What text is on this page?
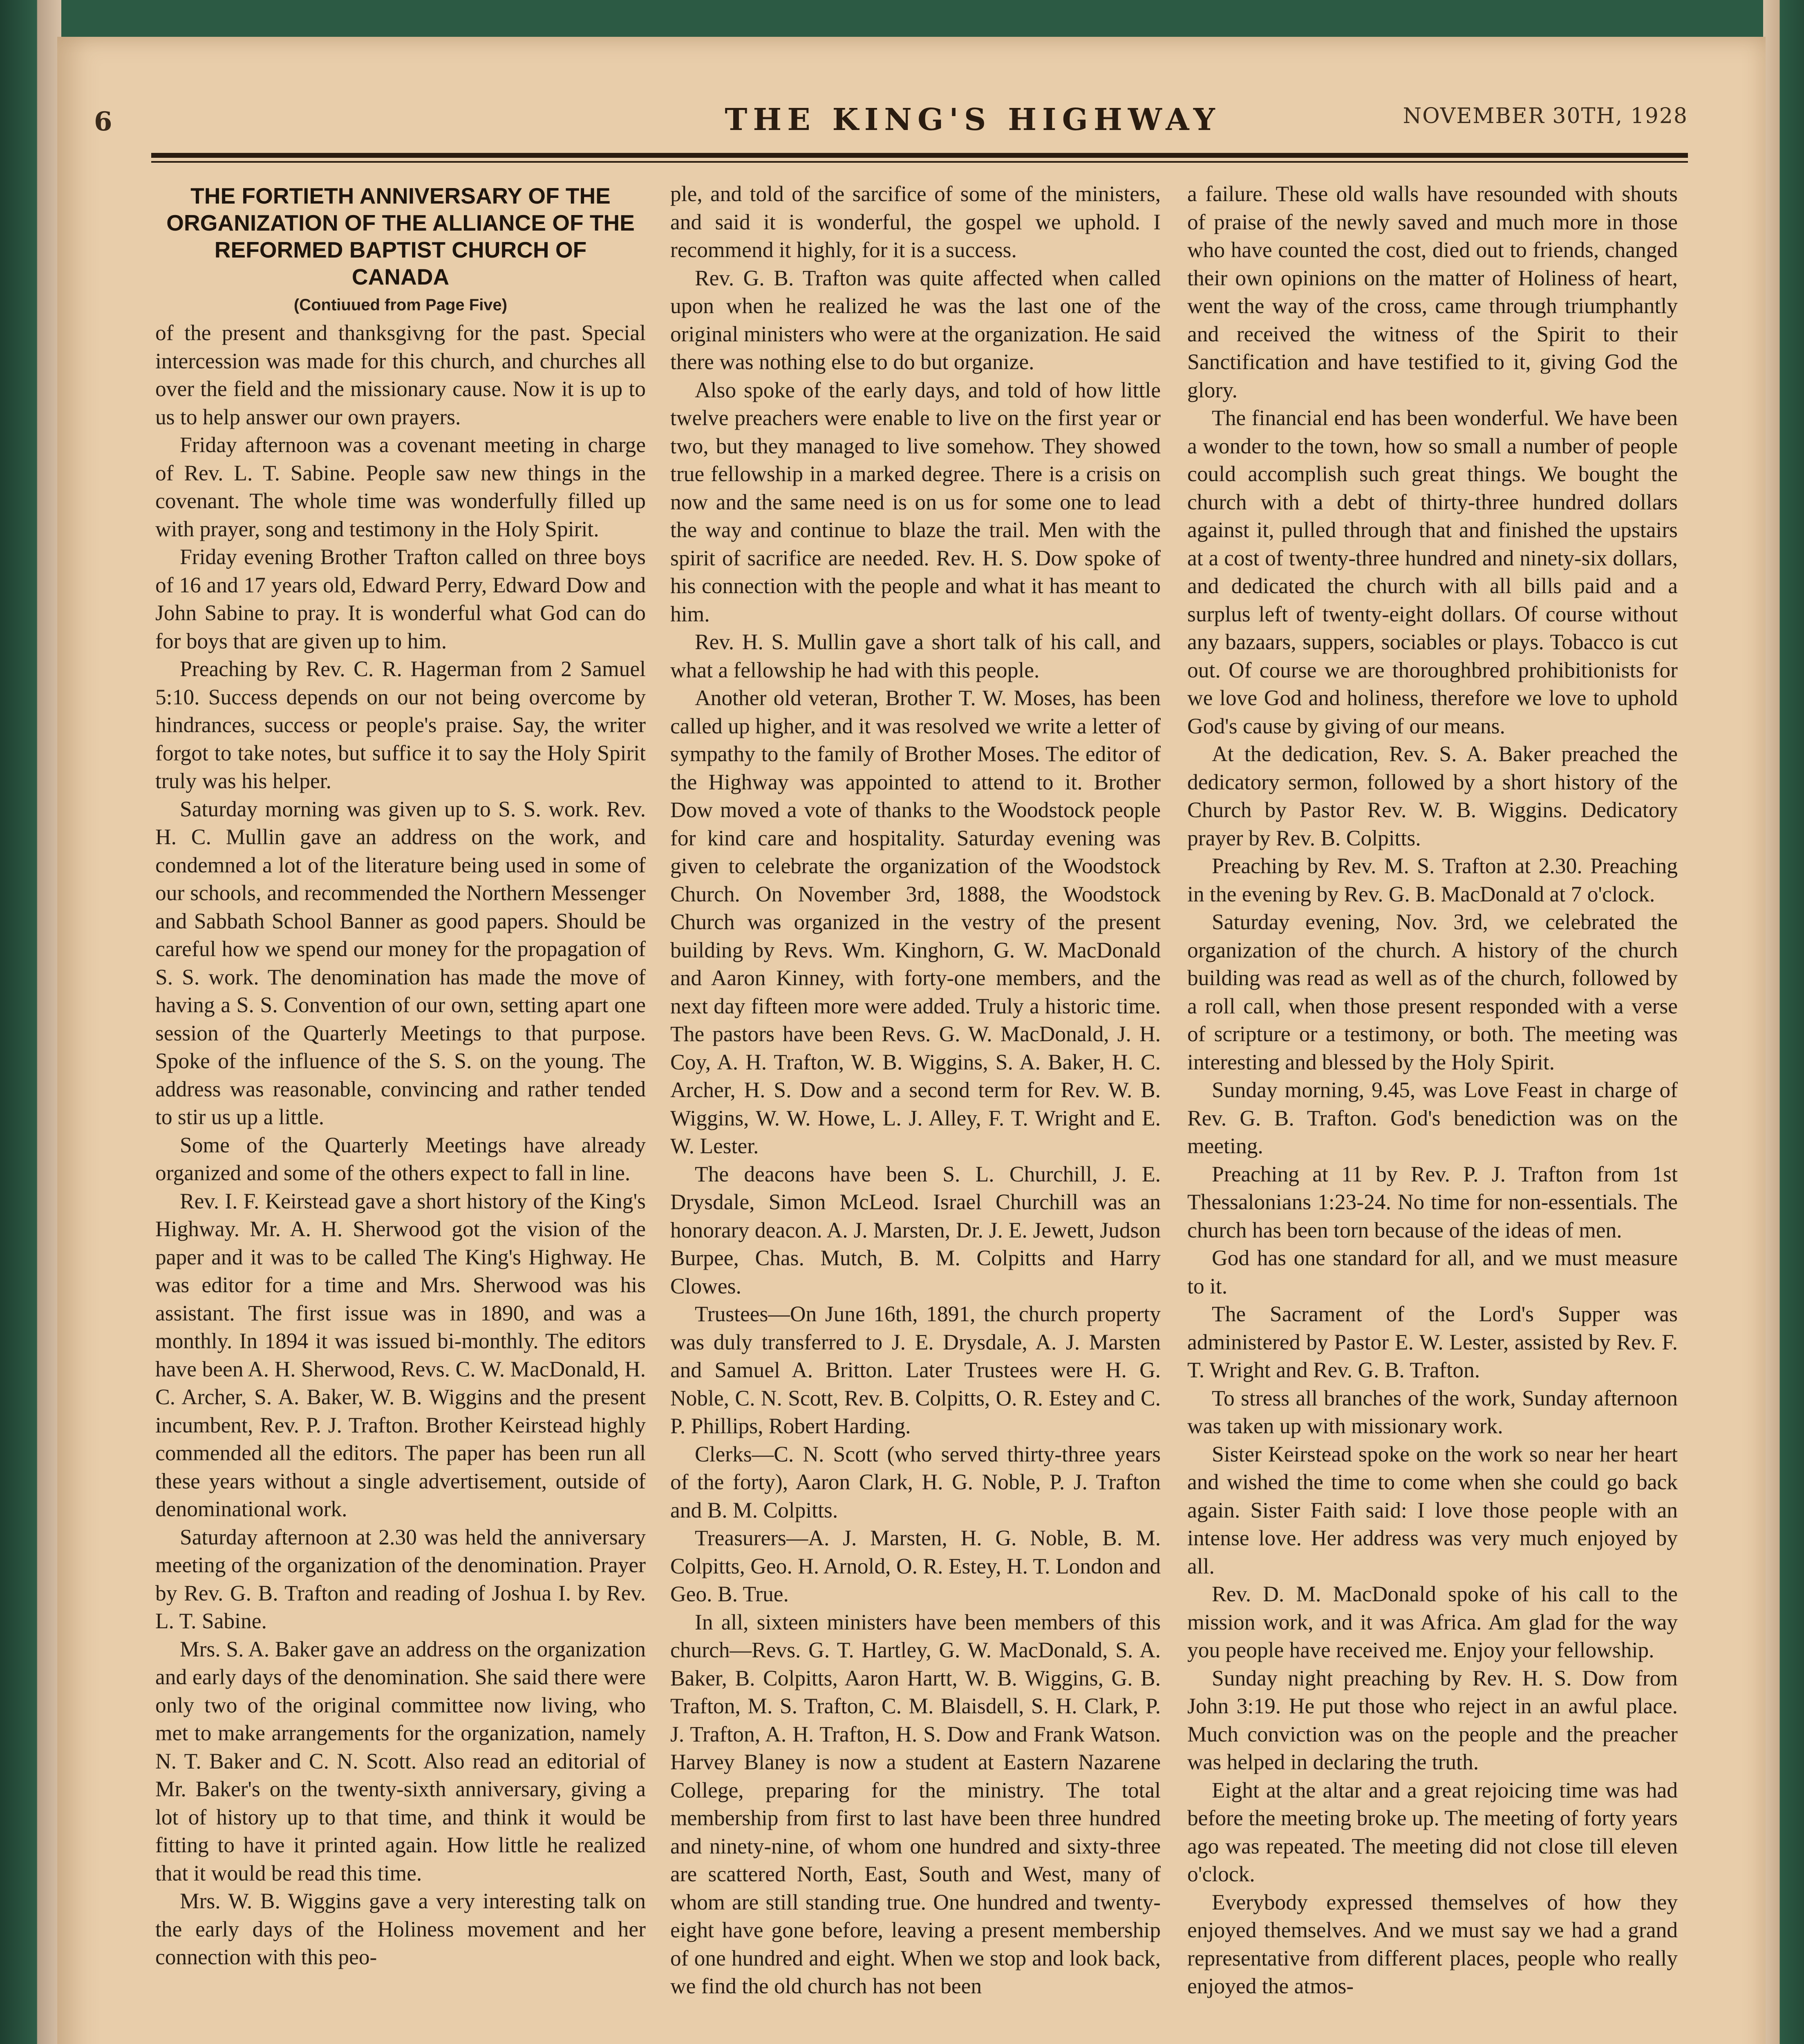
6	THE KING'S HIGHWAY	NOVEMBER 30TH, 1928
THE FORTIETH ANNIVERSARY OF THE ORGANIZATION OF THE ALLIANCE OF THE REFORMED BAPTIST CHURCH OF CANADA
(Contiuued from Page Five)

of the present and thanksgivng for the past. Special intercession was made for this church, and churches all over the field and the missionary cause. Now it is up to us to help answer our own prayers.

Friday afternoon was a covenant meeting in charge of Rev. L. T. Sabine. People saw new things in the covenant. The whole time was wonderfully filled up with prayer, song and testimony in the Holy Spirit.

Friday evening Brother Trafton called on three boys of 16 and 17 years old, Edward Perry, Edward Dow and John Sabine to pray. It is wonderful what God can do for boys that are given up to him.

Preaching by Rev. C. R. Hagerman from 2 Samuel 5:10. Success depends on our not being overcome by hindrances, success or people's praise. Say, the writer forgot to take notes, but suffice it to say the Holy Spirit truly was his helper.

Saturday morning was given up to S. S. work. Rev. H. C. Mullin gave an address on the work, and condemned a lot of the literature being used in some of our schools, and recommended the Northern Messenger and Sabbath School Banner as good papers. Should be careful how we spend our money for the propagation of S. S. work. The denomination has made the move of having a S. S. Convention of our own, setting apart one session of the Quarterly Meetings to that purpose. Spoke of the influence of the S. S. on the young. The address was reasonable, convincing and rather tended to stir us up a little.

Some of the Quarterly Meetings have already organized and some of the others expect to fall in line.

Rev. I. F. Keirstead gave a short history of the King's Highway. Mr. A. H. Sherwood got the vision of the paper and it was to be called The King's Highway. He was editor for a time and Mrs. Sherwood was his assistant. The first issue was in 1890, and was a monthly. In 1894 it was issued bi-monthly. The editors have been A. H. Sherwood, Revs. C. W. MacDonald, H. C. Archer, S. A. Baker, W. B. Wiggins and the present incumbent, Rev. P. J. Trafton. Brother Keirstead highly commended all the editors. The paper has been run all these years without a single advertisement, outside of denominational work.

Saturday afternoon at 2.30 was held the anniversary meeting of the organization of the denomination. Prayer by Rev. G. B. Trafton and reading of Joshua I. by Rev. L. T. Sabine.

Mrs. S. A. Baker gave an address on the organization and early days of the denomination. She said there were only two of the original committee now living, who met to make arrangements for the organization, namely N. T. Baker and C. N. Scott. Also read an editorial of Mr. Baker's on the twenty-sixth anniversary, giving a lot of history up to that time, and think it would be fitting to have it printed again. How little he realized that it would be read this time.

Mrs. W. B. Wiggins gave a very interesting talk on the early days of the Holiness movement and her connection with this peo-

ple, and told of the sarcifice of some of the ministers, and said it is wonderful, the gospel we uphold. I recommend it highly, for it is a success.

Rev. G. B. Trafton was quite affected when called upon when he realized he was the last one of the original ministers who were at the organization. He said there was nothing else to do but organize.

Also spoke of the early days, and told of how little twelve preachers were enable to live on the first year or two, but they managed to live somehow. They showed true fellowship in a marked degree. There is a crisis on now and the same need is on us for some one to lead the way and continue to blaze the trail. Men with the spirit of sacrifice are needed. Rev. H. S. Dow spoke of his connection with the people and what it has meant to him.

Rev. H. S. Mullin gave a short talk of his call, and what a fellowship he had with this people.

Another old veteran, Brother T. W. Moses, has been called up higher, and it was resolved we write a letter of sympathy to the family of Brother Moses. The editor of the Highway was appointed to attend to it. Brother Dow moved a vote of thanks to the Woodstock people for kind care and hospitality. Saturday evening was given to celebrate the organization of the Woodstock Church. On November 3rd, 1888, the Woodstock Church was organized in the vestry of the present building by Revs. Wm. Kinghorn, G. W. MacDonald and Aaron Kinney, with forty-one members, and the next day fifteen more were added. Truly a historic time. The pastors have been Revs. G. W. MacDonald, J. H. Coy, A. H. Trafton, W. B. Wiggins, S. A. Baker, H. C. Archer, H. S. Dow and a second term for Rev. W. B. Wiggins, W. W. Howe, L. J. Alley, F. T. Wright and E. W. Lester.

The deacons have been S. L. Churchill, J. E. Drysdale, Simon McLeod. Israel Churchill was an honorary deacon. A. J. Marsten, Dr. J. E. Jewett, Judson Burpee, Chas. Mutch, B. M. Colpitts and Harry Clowes.

Trustees—On June 16th, 1891, the church property was duly transferred to J. E. Drysdale, A. J. Marsten and Samuel A. Britton. Later Trustees were H. G. Noble, C. N. Scott, Rev. B. Colpitts, O. R. Estey and C. P. Phillips, Robert Harding.

Clerks—C. N. Scott (who served thirty-three years of the forty), Aaron Clark, H. G. Noble, P. J. Trafton and B. M. Colpitts.

Treasurers—A. J. Marsten, H. G. Noble, B. M. Colpitts, Geo. H. Arnold, O. R. Estey, H. T. London and Geo. B. True.

In all, sixteen ministers have been members of this church—Revs. G. T. Hartley, G. W. MacDonald, S. A. Baker, B. Colpitts, Aaron Hartt, W. B. Wiggins, G. B. Trafton, M. S. Trafton, C. M. Blaisdell, S. H. Clark, P. J. Trafton, A. H. Trafton, H. S. Dow and Frank Watson. Harvey Blaney is now a student at Eastern Nazarene College, preparing for the ministry. The total membership from first to last have been three hundred and ninety-nine, of whom one hundred and sixty-three are scattered North, East, South and West, many of whom are still standing true. One hundred and twenty-eight have gone before, leaving a present membership of one hundred and eight. When we stop and look back, we find the old church has not been

a failure. These old walls have resounded with shouts of praise of the newly saved and much more in those who have counted the cost, died out to friends, changed their own opinions on the matter of Holiness of heart, went the way of the cross, came through triumphantly and received the witness of the Spirit to their Sanctification and have testified to it, giving God the glory.

The financial end has been wonderful. We have been a wonder to the town, how so small a number of people could accomplish such great things. We bought the church with a debt of thirty-three hundred dollars against it, pulled through that and finished the upstairs at a cost of twenty-three hundred and ninety-six dollars, and dedicated the church with all bills paid and a surplus left of twenty-eight dollars. Of course without any bazaars, suppers, sociables or plays. Tobacco is cut out. Of course we are thoroughbred prohibitionists for we love God and holiness, therefore we love to uphold God's cause by giving of our means.

At the dedication, Rev. S. A. Baker preached the dedicatory sermon, followed by a short history of the Church by Pastor Rev. W. B. Wiggins. Dedicatory prayer by Rev. B. Colpitts.

Preaching by Rev. M. S. Trafton at 2.30. Preaching in the evening by Rev. G. B. MacDonald at 7 o'clock.

Saturday evening, Nov. 3rd, we celebrated the organization of the church. A history of the church building was read as well as of the church, followed by a roll call, when those present responded with a verse of scripture or a testimony, or both. The meeting was interesting and blessed by the Holy Spirit.

Sunday morning, 9.45, was Love Feast in charge of Rev. G. B. Trafton. God's benediction was on the meeting.

Preaching at 11 by Rev. P. J. Trafton from 1st Thessalonians 1:23-24. No time for non-essentials. The church has been torn because of the ideas of men.

God has one standard for all, and we must measure to it.

The Sacrament of the Lord's Supper was administered by Pastor E. W. Lester, assisted by Rev. F. T. Wright and Rev. G. B. Trafton.

To stress all branches of the work, Sunday afternoon was taken up with missionary work.

Sister Keirstead spoke on the work so near her heart and wished the time to come when she could go back again. Sister Faith said: I love those people with an intense love. Her address was very much enjoyed by all.

Rev. D. M. MacDonald spoke of his call to the mission work, and it was Africa. Am glad for the way you people have received me. Enjoy your fellowship.

Sunday night preaching by Rev. H. S. Dow from John 3:19. He put those who reject in an awful place. Much conviction was on the people and the preacher was helped in declaring the truth.

Eight at the altar and a great rejoicing time was had before the meeting broke up. The meeting of forty years ago was repeated. The meeting did not close till eleven o'clock.

Everybody expressed themselves of how they enjoyed themselves. And we must say we had a grand representative from different places, people who really enjoyed the atmos-
